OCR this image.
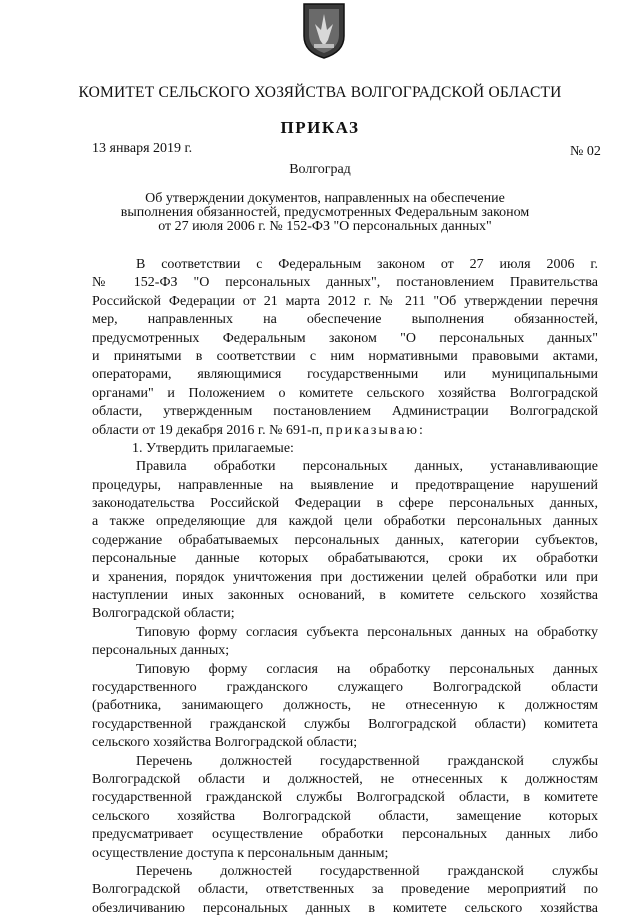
КОМИТЕТ СЕЛЬСКОГО ХОЗЯЙСТВА ВОЛГОГРАДСКОЙ ОБЛАСТИ
ПРИКАЗ
13 января 2019 г.	№ 02
Волгоград
Об утверждении документов, направленных на обеспечение
выполнения обязанностей, предусмотренных Федеральным законом
от 27 июля 2006 г. № 152-ФЗ "О персональных данных"
В соответствии с Федеральным законом от 27 июля 2006 г.
№ 152-ФЗ "О персональных данных", постановлением Правительства
Российской Федерации от 21 марта 2012 г. № 211 "Об утверждении перечня
мер, направленных на обеспечение выполнения обязанностей,
предусмотренных Федеральным законом "О персональных данных"
и принятыми в соответствии с ним нормативными правовыми актами,
операторами, являющимися государственными или муниципальными
органами" и Положением о комитете сельского хозяйства Волгоградской
области, утвержденным постановлением Администрации Волгоградской
области от 19 декабря 2016 г. № 691-п, приказываю:
1. Утвердить прилагаемые:
Правила обработки персональных данных, устанавливающие
процедуры, направленные на выявление и предотвращение нарушений
законодательства Российской Федерации в сфере персональных данных,
а также определяющие для каждой цели обработки персональных данных
содержание обрабатываемых персональных данных, категории субъектов,
персональные данные которых обрабатываются, сроки их обработки
и хранения, порядок уничтожения при достижении целей обработки или при
наступлении иных законных оснований, в комитете сельского хозяйства
Волгоградской области;
Типовую форму согласия субъекта персональных данных на обработку
персональных данных;
Типовую форму согласия на обработку персональных данных
государственного гражданского служащего Волгоградской области
(работника, занимающего должность, не отнесенную к должностям
государственной гражданской службы Волгоградской области) комитета
сельского хозяйства Волгоградской области;
Перечень должностей государственной гражданской службы
Волгоградской области и должностей, не отнесенных к должностям
государственной гражданской службы Волгоградской области, в комитете
сельского хозяйства Волгоградской области, замещение которых
предусматривает осуществление обработки персональных данных либо
осуществление доступа к персональным данным;
Перечень должностей государственной гражданской службы
Волгоградской области, ответственных за проведение мероприятий по
обезличиванию персональных данных в комитете сельского хозяйства
